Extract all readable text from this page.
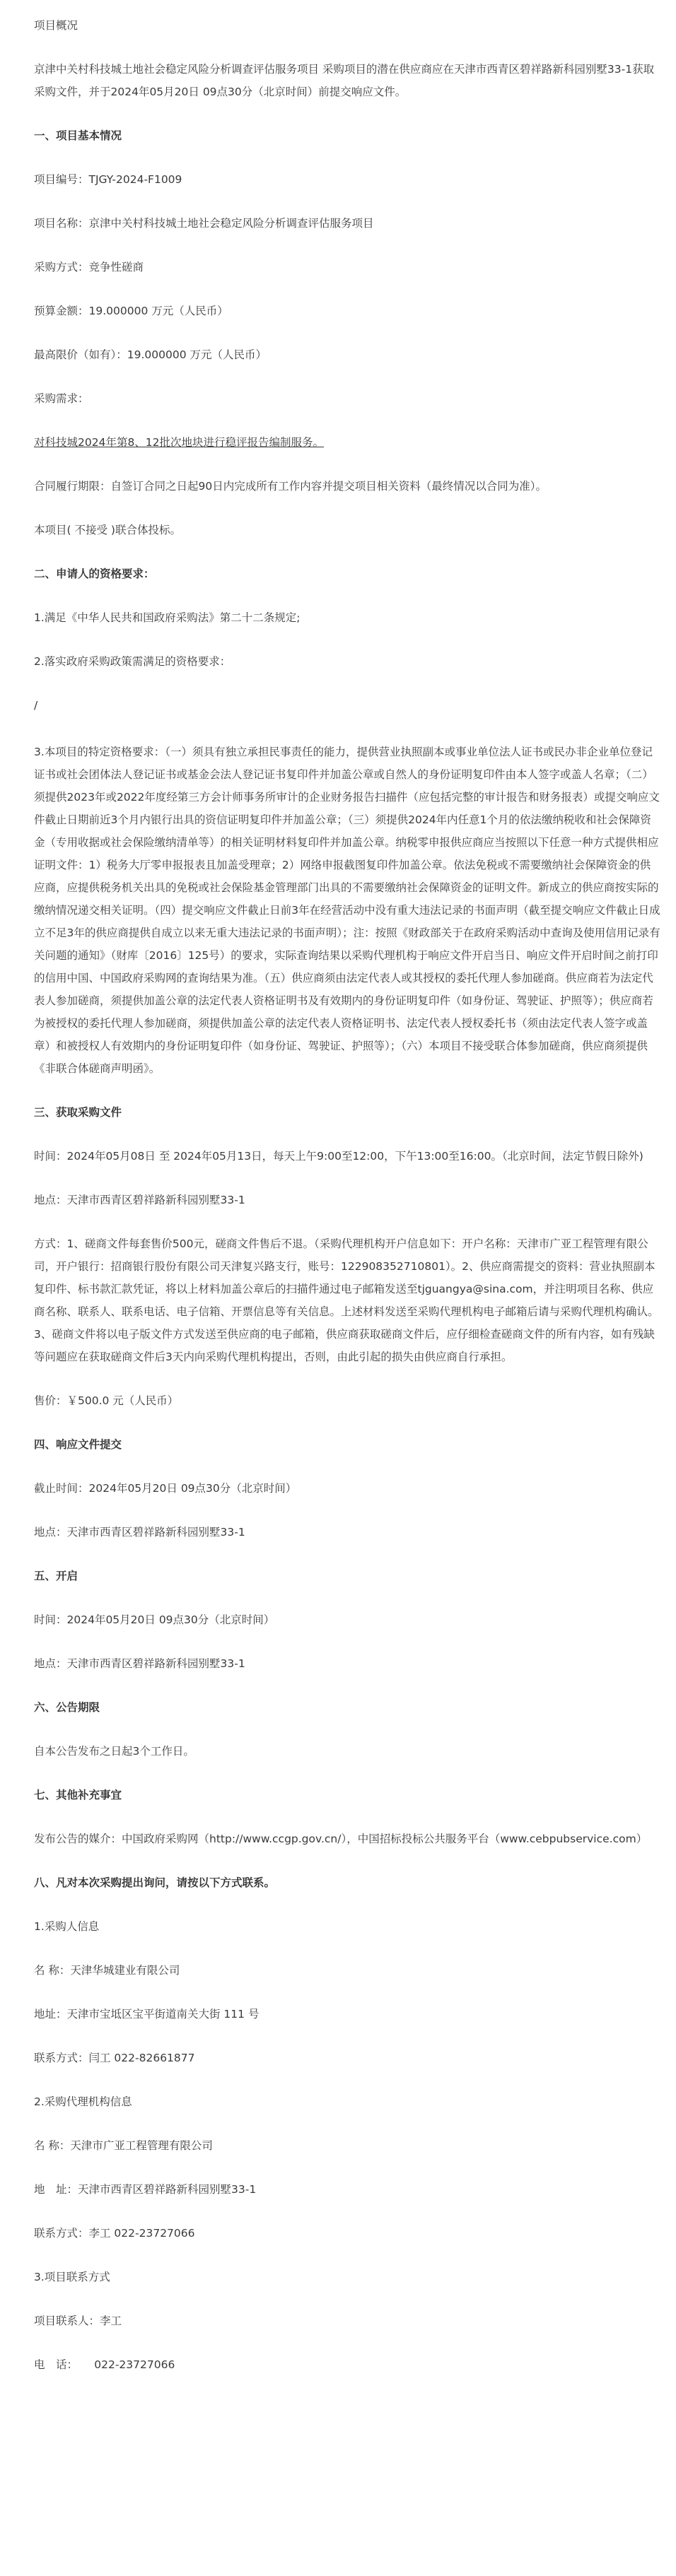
项目概况
京津中关村科技城土地社会稳定风险分析调查评估服务项目 采购项目的潜在供应商应在天津市西青区碧祥路新科园别墅33-1获取采购文件，并于2024年05月20日 09点30分（北京时间）前提交响应文件。
一、项目基本情况
项目编号：TJGY-2024-F1009
项目名称：京津中关村科技城土地社会稳定风险分析调查评估服务项目
采购方式：竞争性磋商
预算金额：19.000000 万元（人民币）
最高限价（如有）：19.000000 万元（人民币）
采购需求：
对科技城2024年第8、12批次地块进行稳评报告编制服务。
合同履行期限：自签订合同之日起90日内完成所有工作内容并提交项目相关资料（最终情况以合同为准）。
本项目( 不接受 )联合体投标。
二、申请人的资格要求：
1.满足《中华人民共和国政府采购法》第二十二条规定;
2.落实政府采购政策需满足的资格要求：
/
3.本项目的特定资格要求：（一）须具有独立承担民事责任的能力，提供营业执照副本或事业单位法人证书或民办非企业单位登记证书或社会团体法人登记证书或基金会法人登记证书复印件并加盖公章或自然人的身份证明复印件由本人签字或盖人名章；（二）须提供2023年或2022年度经第三方会计师事务所审计的企业财务报告扫描件（应包括完整的审计报告和财务报表）或提交响应文件截止日期前近3个月内银行出具的资信证明复印件并加盖公章；（三）须提供2024年内任意1个月的依法缴纳税收和社会保障资金（专用收据或社会保险缴纳清单等）的相关证明材料复印件并加盖公章。纳税零申报供应商应当按照以下任意一种方式提供相应证明文件：1）税务大厅零申报报表且加盖受理章；2）网络申报截图复印件加盖公章。依法免税或不需要缴纳社会保障资金的供应商，应提供税务机关出具的免税或社会保险基金管理部门出具的不需要缴纳社会保障资金的证明文件。新成立的供应商按实际的缴纳情况递交相关证明。（四）提交响应文件截止日前3年在经营活动中没有重大违法记录的书面声明（截至提交响应文件截止日成立不足3年的供应商提供自成立以来无重大违法记录的书面声明）；注：按照《财政部关于在政府采购活动中查询及使用信用记录有关问题的通知》（财库〔2016〕125号）的要求，实际查询结果以采购代理机构于响应文件开启当日、响应文件开启时间之前打印的信用中国、中国政府采购网的查询结果为准。（五）供应商须由法定代表人或其授权的委托代理人参加磋商。供应商若为法定代表人参加磋商，须提供加盖公章的法定代表人资格证明书及有效期内的身份证明复印件（如身份证、驾驶证、护照等）；供应商若为被授权的委托代理人参加磋商，须提供加盖公章的法定代表人资格证明书、法定代表人授权委托书（须由法定代表人签字或盖章）和被授权人有效期内的身份证明复印件（如身份证、驾驶证、护照等）；（六）本项目不接受联合体参加磋商，供应商须提供《非联合体磋商声明函》。
三、获取采购文件
时间：2024年05月08日 至 2024年05月13日，每天上午9:00至12:00，下午13:00至16:00。（北京时间，法定节假日除外)
地点：天津市西青区碧祥路新科园别墅33-1
方式：1、磋商文件每套售价500元，磋商文件售后不退。（采购代理机构开户信息如下：开户名称：天津市广亚工程管理有限公司，开户银行：招商银行股份有限公司天津复兴路支行，账号：122908352710801）。2、供应商需提交的资料：营业执照副本复印件、标书款汇款凭证，将以上材料加盖公章后的扫描件通过电子邮箱发送至tjguangya@sina.com，并注明项目名称、供应商名称、联系人、联系电话、电子信箱、开票信息等有关信息。上述材料发送至采购代理机构电子邮箱后请与采购代理机构确认。3、磋商文件将以电子版文件方式发送至供应商的电子邮箱，供应商获取磋商文件后，应仔细检查磋商文件的所有内容，如有残缺等问题应在获取磋商文件后3天内向采购代理机构提出，否则，由此引起的损失由供应商自行承担。
售价：￥500.0 元（人民币）
四、响应文件提交
截止时间：2024年05月20日 09点30分（北京时间）
地点：天津市西青区碧祥路新科园别墅33-1
五、开启
时间：2024年05月20日 09点30分（北京时间）
地点：天津市西青区碧祥路新科园别墅33-1
六、公告期限
自本公告发布之日起3个工作日。
七、其他补充事宜
发布公告的媒介：中国政府采购网（http://www.ccgp.gov.cn/），中国招标投标公共服务平台（www.cebpubservice.com）
八、凡对本次采购提出询问，请按以下方式联系。
1.采购人信息
名 称：天津华城建业有限公司
地址：天津市宝坻区宝平街道南关大街 111 号
联系方式：闫工 022-82661877
2.采购代理机构信息
名 称：天津市广亚工程管理有限公司
地　址：天津市西青区碧祥路新科园别墅33-1
联系方式：李工 022-23727066
3.项目联系方式
项目联系人：李工
电　话：　　022-23727066
